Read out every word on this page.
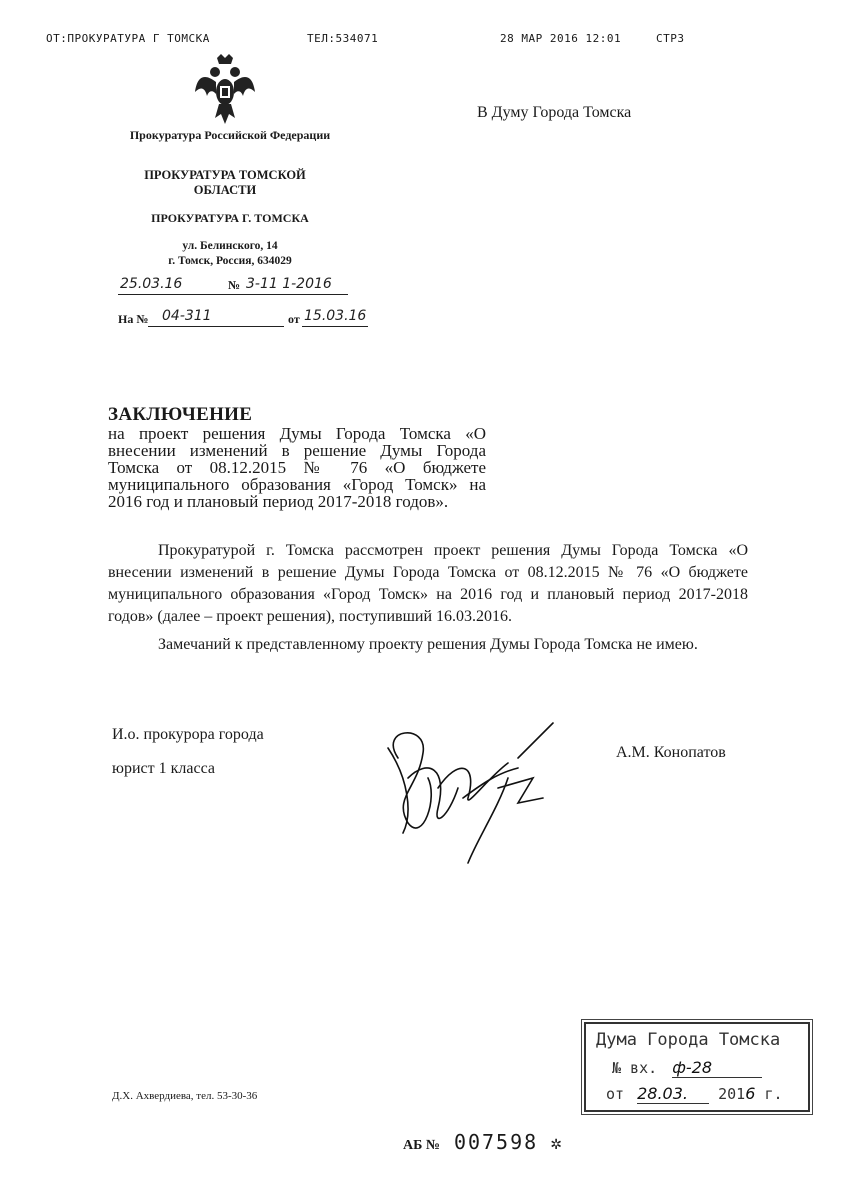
ОТ:ПРОКУРАТУРА Г ТОМСКА	ТЕЛ:534071	28 МАР 2016 12:01	СТР3
Прокуратура Российской Федерации
ПРОКУРАТУРА ТОМСКОЙ ОБЛАСТИ
ПРОКУРАТУРА Г. ТОМСКА
ул. Белинского, 14
г. Томск, Россия, 634029
25.03.16	№ 3-11 1-2016
На № 04-311	от 15.03.16
В Думу Города Томска
ЗАКЛЮЧЕНИЕ
на проект решения Думы Города Томска «О внесении изменений в решение Думы Города Томска от 08.12.2015 № 76 «О бюджете муниципального образования «Город Томск» на 2016 год и плановый период 2017-2018 годов».

Прокуратурой г. Томска рассмотрен проект решения Думы Города Томска «О внесении изменений в решение Думы Города Томска от 08.12.2015 № 76 «О бюджете муниципального образования «Город Томск» на 2016 год и плановый период 2017-2018 годов» (далее – проект решения), поступивший 16.03.2016.

Замечаний к представленному проекту решения Думы Города Томска не имею.

И.о. прокурора города
юрист 1 класса
А.М. Конопатов
Дума Города Томска
№ вх. ф-28
от 28.03. 2016 г.
Д.Х. Ахвердиева, тел. 53-30-36
АБ № 007598 ✲
